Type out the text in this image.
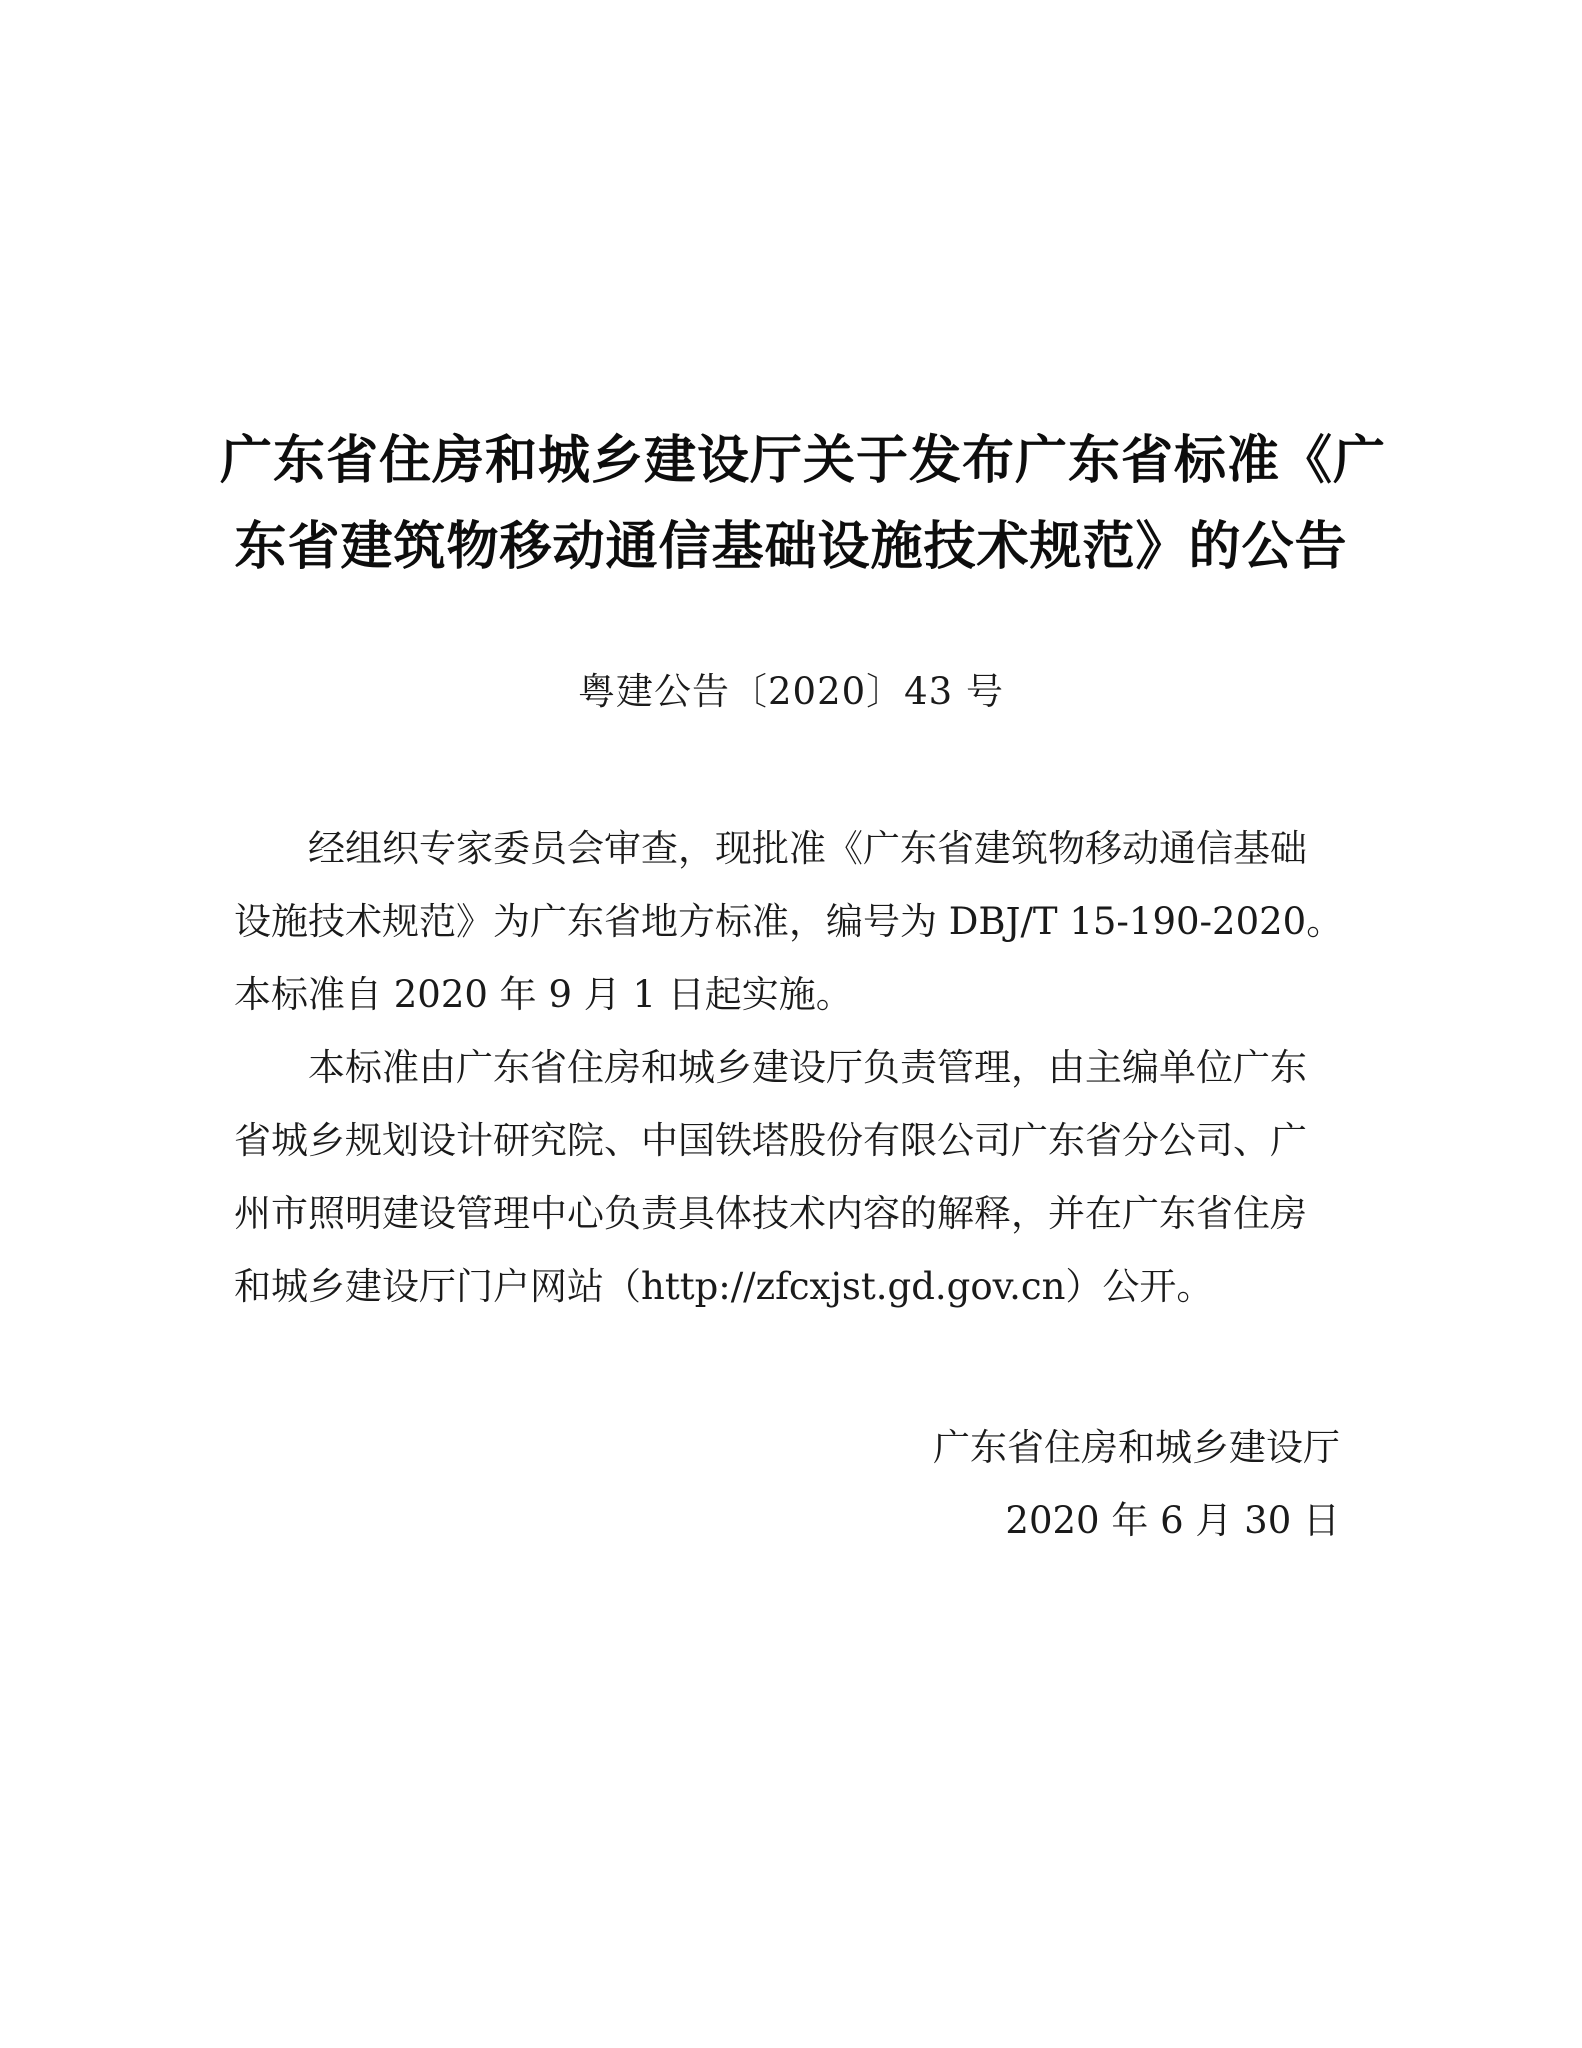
广东省住房和城乡建设厅关于发布广东省标准《广
东省建筑物移动通信基础设施技术规范》的公告
粤建公告〔2020〕43 号

经组织专家委员会审查，现批准《广东省建筑物移动通信基础
设施技术规范》为广东省地方标准，编号为 DBJ/T 15-190-2020。
本标准自 2020 年 9 月 1 日起实施。

本标准由广东省住房和城乡建设厅负责管理，由主编单位广东
省城乡规划设计研究院、中国铁塔股份有限公司广东省分公司、广
州市照明建设管理中心负责具体技术内容的解释，并在广东省住房
和城乡建设厅门户网站（http://zfcxjst.gd.gov.cn）公开。

广东省住房和城乡建设厅
2020 年 6 月 30 日
